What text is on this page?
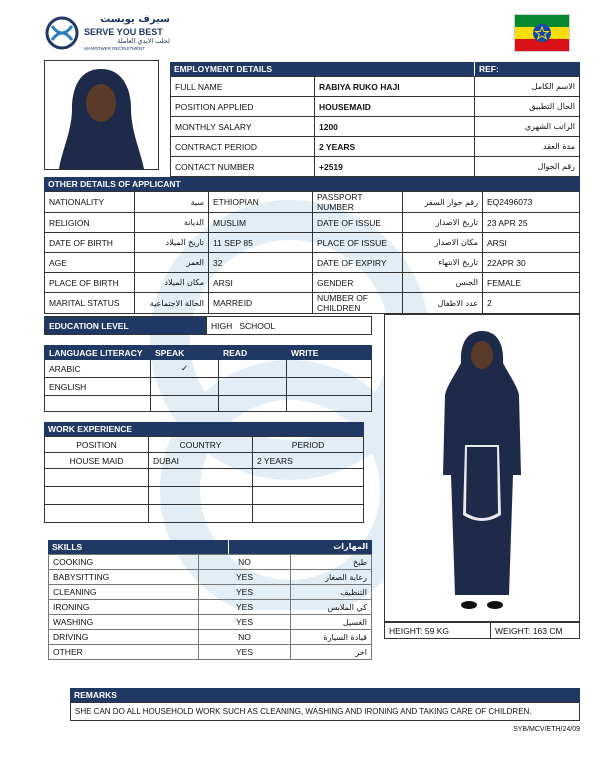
سيرف يوبست
SERVE YOU BEST
لجلب الايدي العاملة
MANPOWER RECRUITMENT
EMPLOYMENT DETAILS	REF:
FULL NAME	RABIYA RUKO HAJI	الاسم الكامل
POSITION APPLIED	HOUSEMAID	الحال التطبيق
MONTHLY SALARY	1200	الراتب الشهري
CONTRACT PERIOD	2 YEARS	مدة العقد
CONTACT NUMBER	+2519	رقم الجوال
OTHER DETAILS OF APPLICANT
NATIONALITY	سية	ETHIOPIAN	PASSPORT NUMBER	رقم جواز السفر	EQ2496073
RELIGION	الديانة	MUSLIM	DATE OF ISSUE	تاريخ الاصدار	23 APR 25
DATE OF BIRTH	تاريخ الميلاد	11 SEP 85	PLACE OF ISSUE	مكان الاصدار	ARSI
AGE	العمر	32	DATE OF EXPIRY	تاريخ الانتهاء	22APR 30
PLACE OF BIRTH	مكان الميلاد	ARSI	GENDER	الجنس	FEMALE
MARITAL STATUS	الحالة الاجتماعية	MARREID	NUMBER OF CHILDREN	عدد الاطفال	2
EDUCATION LEVEL	HIGH   SCHOOL
HEIGHT: 59 KG	WEIGHT: 163 CM
LANGUAGE LITERACY	SPEAK	READ	WRITE
ARABIC	✓		
ENGLISH			

WORK EXPERIENCE
POSITION	COUNTRY	PERIOD
HOUSE MAID	DUBAI	2 YEARS

SKILLS	المهارات
COOKING	NO	طبخ
BABYSITTING	YES	رعاية الصغار
CLEANING	YES	التنظيف
IRONING	YES	كي الملابس
WASHING	YES	الغسيل
DRIVING	NO	قيادة السيارة
OTHER	YES	اخر
REMARKS
SHE CAN DO ALL HOUSEHOLD WORK SUCH AS CLEANING, WASHING AND IRONING AND TAKING CARE OF CHILDREN.
SYB/MCV/ETH/24/09
